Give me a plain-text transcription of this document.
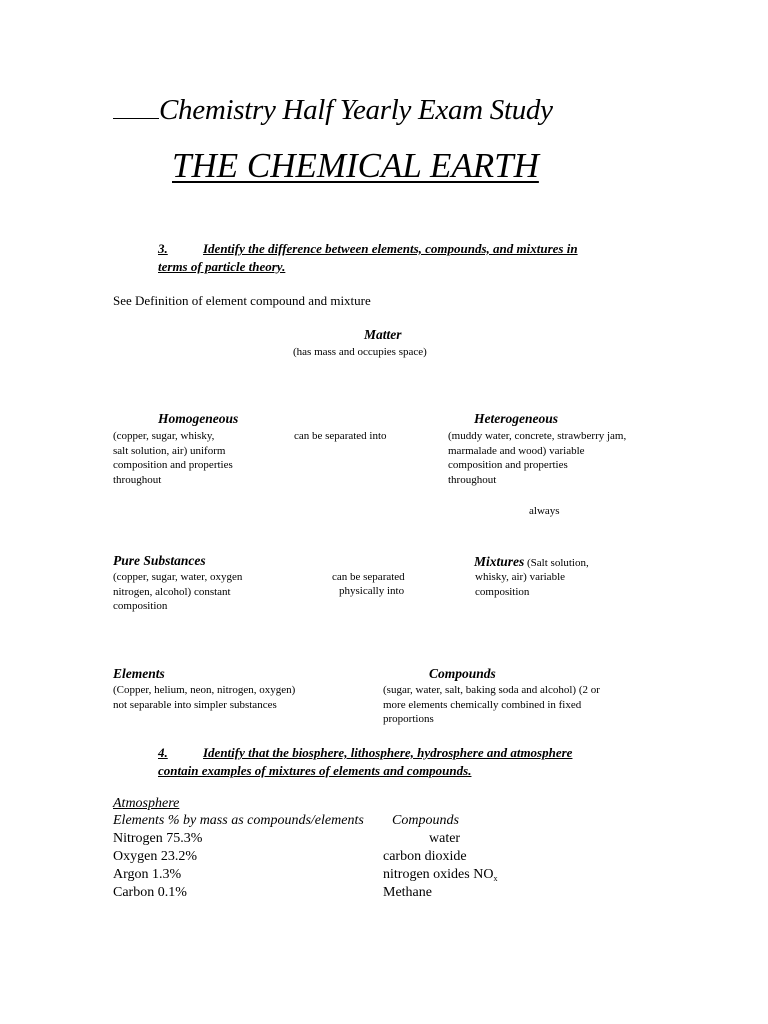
Chemistry Half Yearly Exam Study
THE CHEMICAL EARTH
3.	Identify the difference between elements, compounds, and mixtures in
terms of particle theory.
See Definition of element compound and mixture
Matter
(has mass and occupies space)
Homogeneous
(copper, sugar, whisky,
salt solution, air) uniform
composition and properties
throughout
can be separated into
Heterogeneous
(muddy water, concrete, strawberry jam,
marmalade and wood) variable
composition and properties
throughout
always
Pure Substances
(copper, sugar, water, oxygen
nitrogen, alcohol) constant
composition
can be separated
physically into
Mixtures (Salt solution,
whisky, air) variable
composition
Elements
(Copper, helium, neon, nitrogen, oxygen)
not separable into simpler substances
Compounds
(sugar, water, salt, baking soda and alcohol) (2 or
more elements chemically combined in fixed
proportions
4.	Identify that the biosphere, lithosphere, hydrosphere and atmosphere
contain examples of mixtures of elements and compounds.
Atmosphere
Elements % by mass as compounds/elements Compounds
Nitrogen 75.3%
Oxygen 23.2%
Argon 1.3%
Carbon 0.1%
water
carbon dioxide
nitrogen oxides $NO_x$
Methane
